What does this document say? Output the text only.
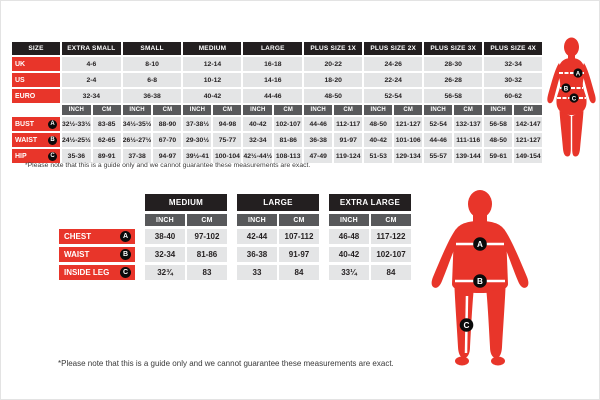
SIZE	EXTRA SMALL		SMALL		MEDIUM		LARGE		PLUS SIZE 1X		PLUS SIZE 2X		PLUS SIZE 3X		PLUS SIZE 4X	
UK	4-6		8-10		12-14		16-18		20-22		24-26		28-30		32-34	
US	2-4		6-8		10-12		14-16		18-20		22-24		26-28		30-32	
EURO	32-34		36-38		40-42		44-46		48-50		52-54		56-58		60-62	
	INCH	CM	INCH	CM	INCH	CM	INCH	CM	INCH	CM	INCH	CM	INCH	CM	INCH	CM

BUST A	32½-33½	83-85	34½-35½	88-90	37-38½	94-98	40-42	102-107	44-46	112-117	48-50	121-127	52-54	132-137	56-58	142-147

WAIST B	24½-25½	62-65	26½-27½	67-70	29-30½	75-77	32-34	81-86	36-38	91-97	40-42	101-106	44-46	111-116	48-50	121-127

HIP C	35-36	89-91	37-38	94-97	39½-41	100-104	42½-44½	108-113	47-49	119-124	51-53	129-134	55-57	139-144	59-61	149-154
*Please note that this is a guide only and we cannot guarantee these measurements are exact.
		MEDIUM			LARGE			EXTRA LARGE	
		INCH	CM		INCH	CM		INCH	CM

CHEST A		38-40	97-102		42-44	107-112		46-48	117-122

WAIST B		32-34	81-86		36-38	91-97		40-42	102-107

INSIDE LEG C		32¾	83		33	84		33¼	84
*Please note that this is a guide only and we cannot guarantee these measurements are exact.
A
B
C
A
B
C
